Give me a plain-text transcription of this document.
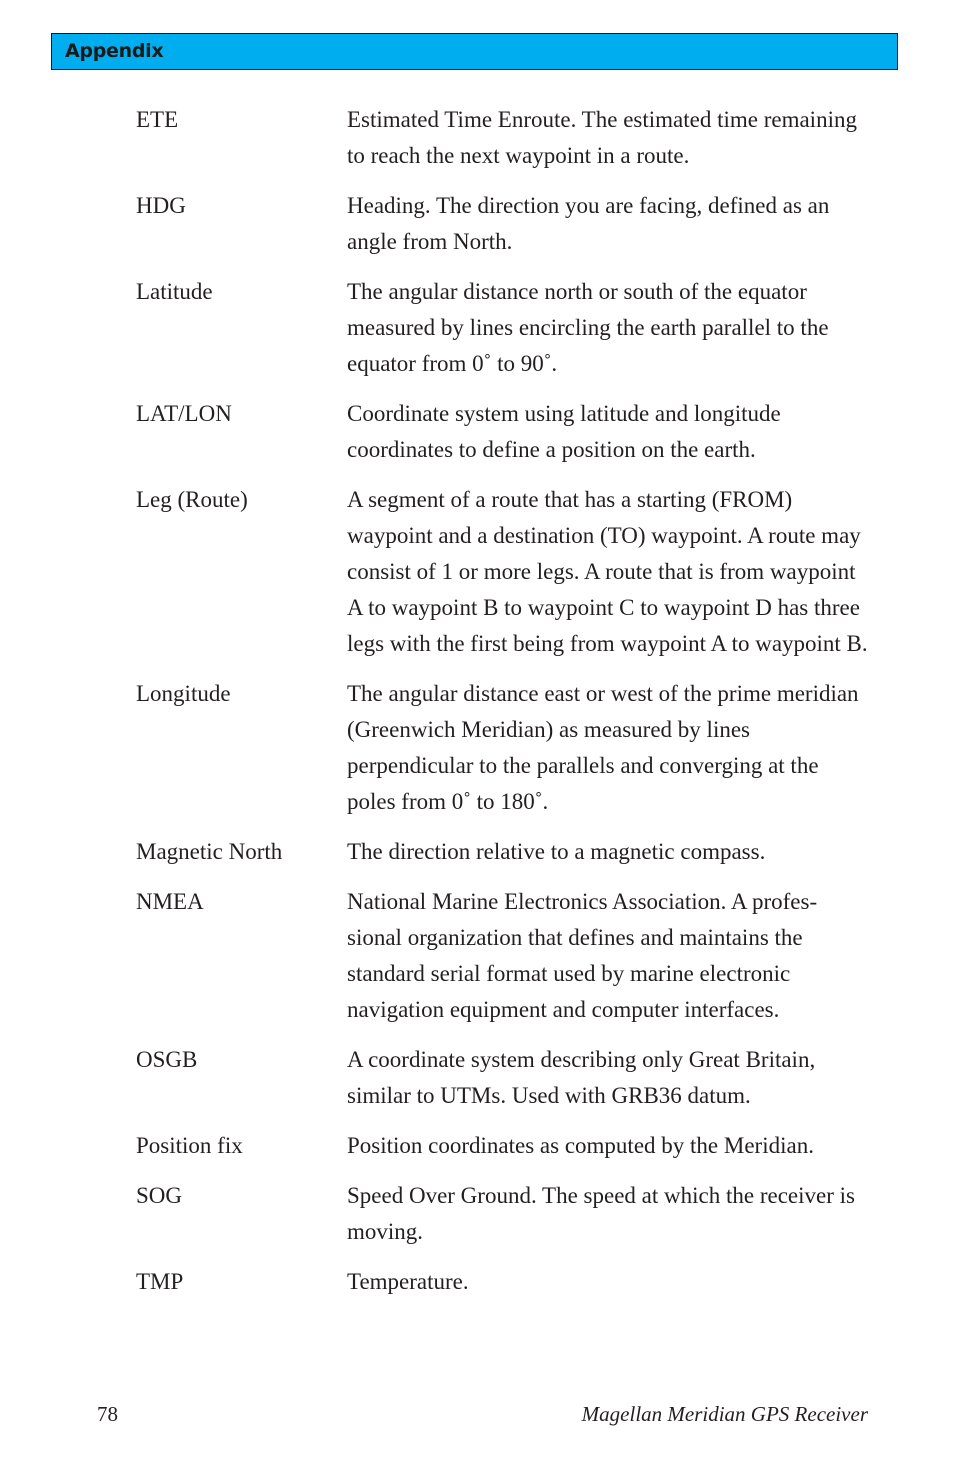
Appendix
ETE	Estimated Time Enroute. The estimated time remaining to reach the next waypoint in a route.
HDG	Heading. The direction you are facing, defined as an angle from North.
Latitude	The angular distance north or south of the equator measured by lines encircling the earth parallel to the equator from 0˚ to 90˚.
LAT/LON	Coordinate system using latitude and longitude coordinates to define a position on the earth.
Leg (Route)	A segment of a route that has a starting (FROM) waypoint and a destination (TO) waypoint. A route may consist of 1 or more legs. A route that is from waypoint A to waypoint B to waypoint C to waypoint D has three legs with the first being from waypoint A to waypoint B.
Longitude	The angular distance east or west of the prime meridian (Greenwich Meridian) as measured by lines perpendicular to the parallels and converging at the poles from 0˚ to 180˚.
Magnetic North	The direction relative to a magnetic compass.
NMEA	National Marine Electronics Association. A profes-sional organization that defines and maintains the standard serial format used by marine electronic navigation equipment and computer interfaces.
OSGB	A coordinate system describing only Great Britain, similar to UTMs. Used with GRB36 datum.
Position fix	Position coordinates as computed by the Meridian.
SOG	Speed Over Ground. The speed at which the receiver is moving.
TMP	Temperature.
78	Magellan Meridian GPS Receiver
